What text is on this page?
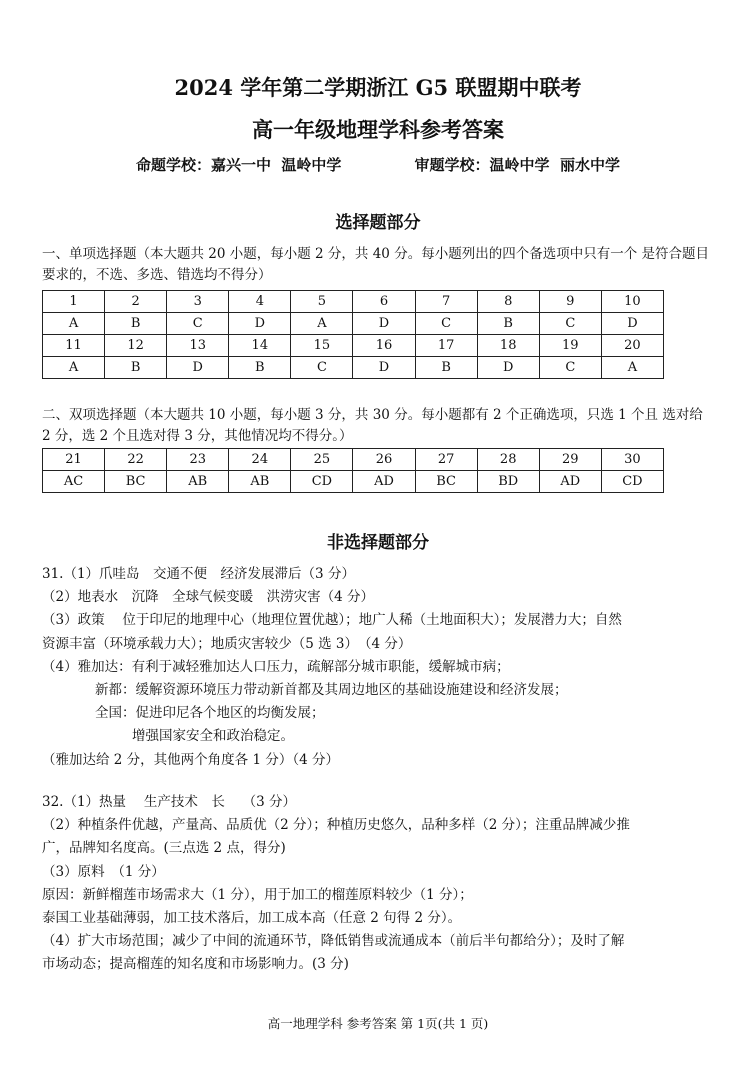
2024 学年第二学期浙江 G5 联盟期中联考
高一年级地理学科参考答案
命题学校：嘉兴一中  温岭中学              审题学校：温岭中学  丽水中学
选择题部分
一、单项选择题（本大题共 20 小题，每小题 2 分，共 40 分。每小题列出的四个备选项中只有一个 是符合题目要求的，不选、多选、错选均不得分）
1	2	3	4	5	6	7	8	9	10
A	B	C	D	A	D	C	B	C	D
11	12	13	14	15	16	17	18	19	20
A	B	D	B	C	D	B	D	C	A
二、双项选择题（本大题共 10 小题，每小题 3 分，共 30 分。每小题都有 2 个正确选项，只选 1 个且 选对给 2 分，选 2 个且选对得 3 分，其他情况均不得分。）
21	22	23	24	25	26	27	28	29	30
AC	BC	AB	AB	CD	AD	BC	BD	AD	CD
非选择题部分
31.（1）爪哇岛　交通不便　经济发展滞后（3 分）
（2）地表水　沉降　全球气候变暖　洪涝灾害（4 分）
（3）政策　 位于印尼的地理中心（地理位置优越）；地广人稀（土地面积大）；发展潜力大；自然
资源丰富（环境承载力大）；地质灾害较少（5 选 3）　（4 分）
（4）雅加达：有利于减轻雅加达人口压力，疏解部分城市职能，缓解城市病；
新都：缓解资源环境压力带动新首都及其周边地区的基础设施建设和经济发展；
全国：促进印尼各个地区的均衡发展；
增强国家安全和政治稳定。
（雅加达给 2 分，其他两个角度各 1 分）（4 分）
32.（1）热量　 生产技术　长　 （3 分）
（2）种植条件优越，产量高、品质优（2 分）；种植历史悠久，品种多样（2 分）；注重品牌减少推
广，品牌知名度高。(三点选 2 点，得分)
（3）原料　（1 分）
原因：新鲜榴莲市场需求大（1 分），用于加工的榴莲原料较少（1 分）；
泰国工业基础薄弱，加工技术落后，加工成本高（任意 2 句得 2 分）。
（4）扩大市场范围；减少了中间的流通环节，降低销售或流通成本（前后半句都给分）；及时了解
市场动态；提高榴莲的知名度和市场影响力。(3 分)
高一地理学科 参考答案 第 1页(共 1 页)
